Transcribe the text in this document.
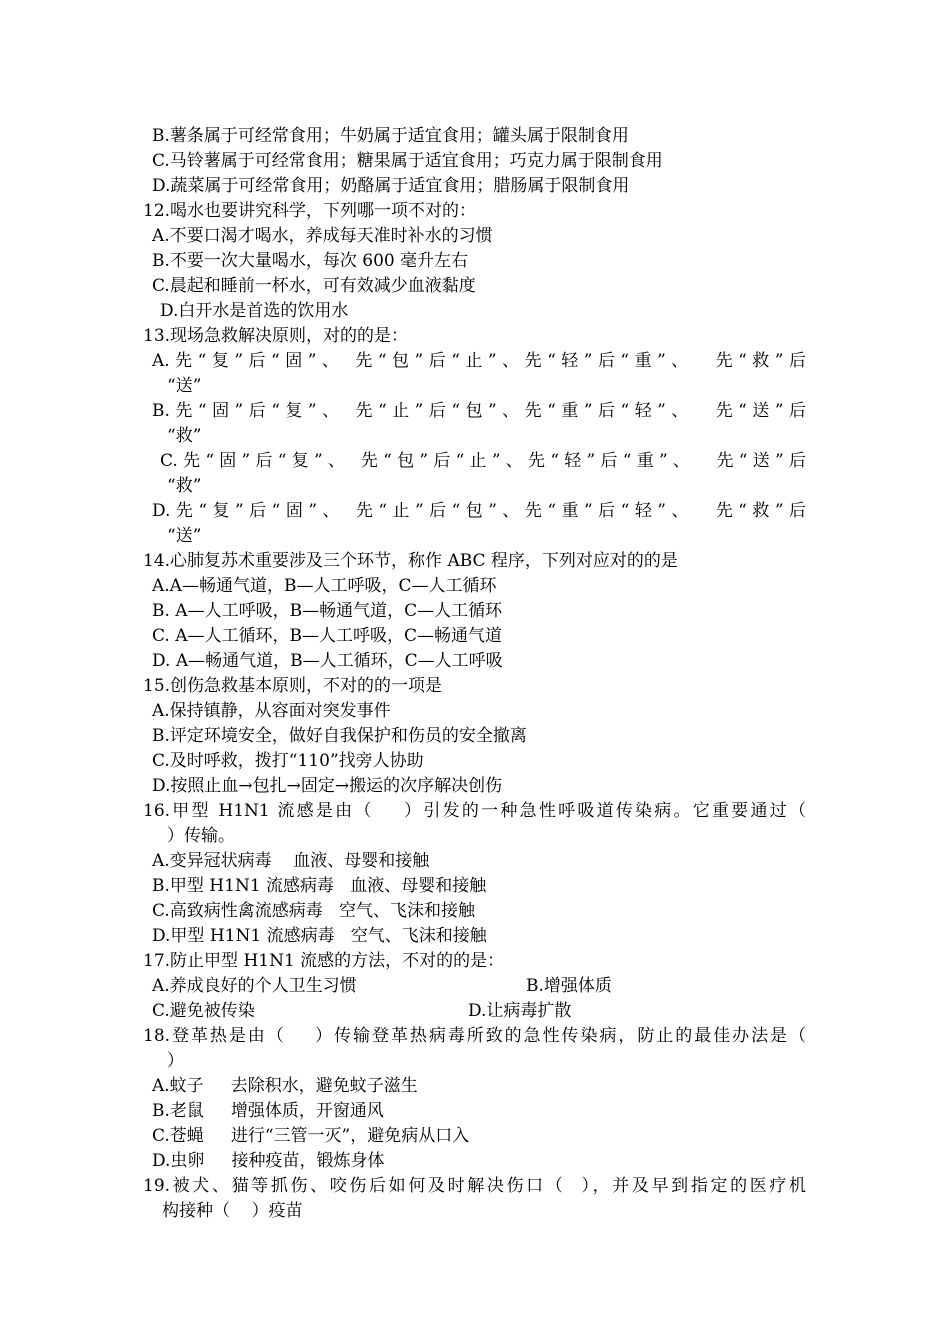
B.薯条属于可经常食用；牛奶属于适宜食用；罐头属于限制食用
C.马铃薯属于可经常食用；糖果属于适宜食用；巧克力属于限制食用
D.蔬菜属于可经常食用；奶酪属于适宜食用；腊肠属于限制食用
12.喝水也要讲究科学，下列哪一项不对的：
A.不要口渴才喝水，养成每天准时补水的习惯
B.不要一次大量喝水，每次 600 毫升左右
C.晨起和睡前一杯水，可有效减少血液黏度
D.白开水是首选的饮用水
13.现场急救解决原则，对的的是：
A.先“复”后“固”、 先“包”后“止”、先“轻”后“重”、  先“救”后
“送”
B.先“固”后“复”、 先“止”后“包”、先“重”后“轻”、  先“送”后
“救”
C.先“固”后“复”、 先“包”后“止”、先“轻”后“重”、  先“送”后
“救”
D.先“复”后“固”、 先“止”后“包”、先“重”后“轻”、  先“救”后
“送”
14.心肺复苏术重要涉及三个环节，称作 ABC 程序，下列对应对的的是
A.A—畅通气道，B—人工呼吸，C—人工循环
B. A—人工呼吸，B—畅通气道，C—人工循环
C. A—人工循环，B—人工呼吸，C—畅通气道
D. A—畅通气道，B—人工循环，C—人工呼吸
15.创伤急救基本原则，不对的的一项是
A.保持镇静，从容面对突发事件
B.评定环境安全，做好自我保护和伤员的安全撤离
C.及时呼救，拨打“110”找旁人协助
D.按照止血→包扎→固定→搬运的次序解决创伤
16.甲型 H1N1 流感是由（    ）引发的一种急性呼吸道传染病。它重要通过（
）传输。
A.变异冠状病毒    血液、母婴和接触
B.甲型 H1N1 流感病毒   血液、母婴和接触
C.高致病性禽流感病毒   空气、飞沫和接触
D.甲型 H1N1 流感病毒   空气、飞沫和接触
17.防止甲型 H1N1 流感的方法，不对的的是：
A.养成良好的个人卫生习惯	B.增强体质
C.避免被传染	D.让病毒扩散
18.登革热是由（    ）传输登革热病毒所致的急性传染病，防止的最佳办法是（
）
A.蚊子     去除积水，避免蚊子滋生
B.老鼠     增强体质，开窗通风
C.苍蝇     进行“三管一灭”，避免病从口入
D.虫卵     接种疫苗，锻炼身体
19.被犬、猫等抓伤、咬伤后如何及时解决伤口（  ），并及早到指定的医疗机
构接种（    ）疫苗
